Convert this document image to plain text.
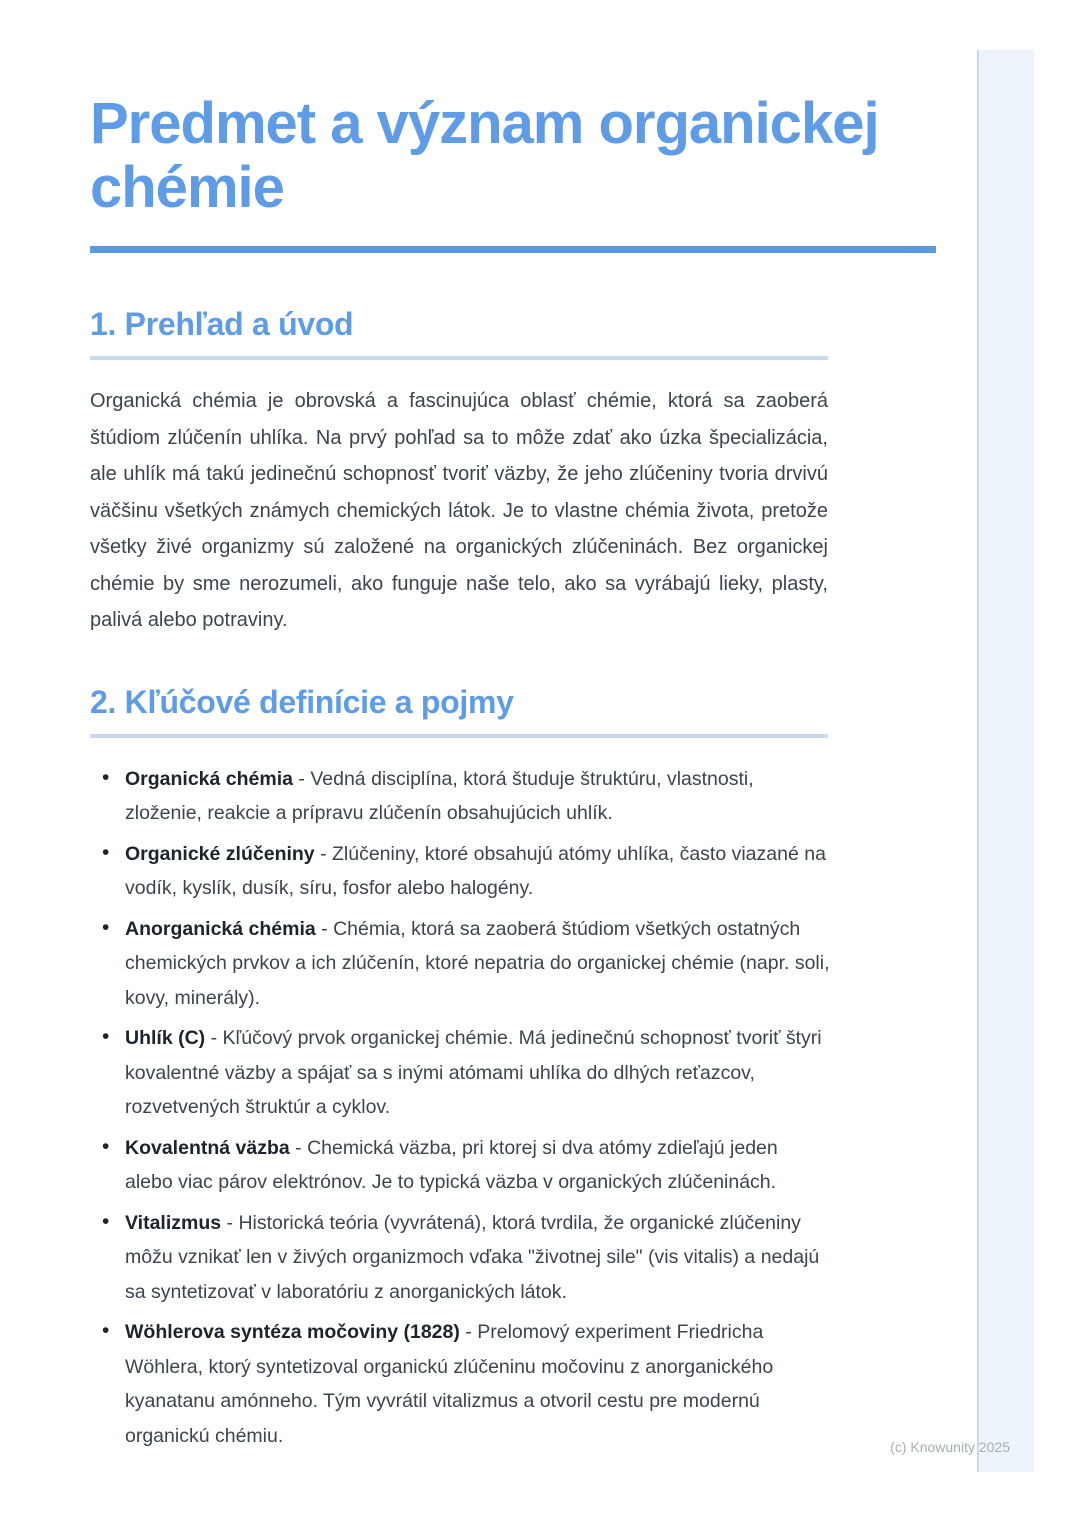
Predmet a význam organickej chémie
1. Prehľad a úvod

Organická chémia je obrovská a fascinujúca oblasť chémie, ktorá sa zaoberá štúdiom zlúčenín uhlíka. Na prvý pohľad sa to môže zdať ako úzka špecializácia, ale uhlík má takú jedinečnú schopnosť tvoriť väzby, že jeho zlúčeniny tvoria drvivú väčšinu všetkých známych chemických látok. Je to vlastne chémia života, pretože všetky živé organizmy sú založené na organických zlúčeninách. Bez organickej chémie by sme nerozumeli, ako funguje naše telo, ako sa vyrábajú lieky, plasty, palivá alebo potraviny.

2. Kľúčové definície a pojmy
• Organická chémia - Vedná disciplína, ktorá študuje štruktúru, vlastnosti, zloženie, reakcie a prípravu zlúčenín obsahujúcich uhlík.
• Organické zlúčeniny - Zlúčeniny, ktoré obsahujú atómy uhlíka, často viazané na vodík, kyslík, dusík, síru, fosfor alebo halogény.
• Anorganická chémia - Chémia, ktorá sa zaoberá štúdiom všetkých ostatných chemických prvkov a ich zlúčenín, ktoré nepatria do organickej chémie (napr. soli, kovy, minerály).
• Uhlík (C) - Kľúčový prvok organickej chémie. Má jedinečnú schopnosť tvoriť štyri kovalentné väzby a spájať sa s inými atómami uhlíka do dlhých reťazcov, rozvetvených štruktúr a cyklov.
• Kovalentná väzba - Chemická väzba, pri ktorej si dva atómy zdieľajú jeden alebo viac párov elektrónov. Je to typická väzba v organických zlúčeninách.
• Vitalizmus - Historická teória (vyvrátená), ktorá tvrdila, že organické zlúčeniny môžu vznikať len v živých organizmoch vďaka "životnej sile" (vis vitalis) a nedajú sa syntetizovať v laboratóriu z anorganických látok.
• Wöhlerova syntéza močoviny (1828) - Prelomový experiment Friedricha Wöhlera, ktorý syntetizoval organickú zlúčeninu močovinu z anorganického kyanatanu amónneho. Tým vyvrátil vitalizmus a otvoril cestu pre modernú organickú chémiu.
(c) Knowunity 2025
